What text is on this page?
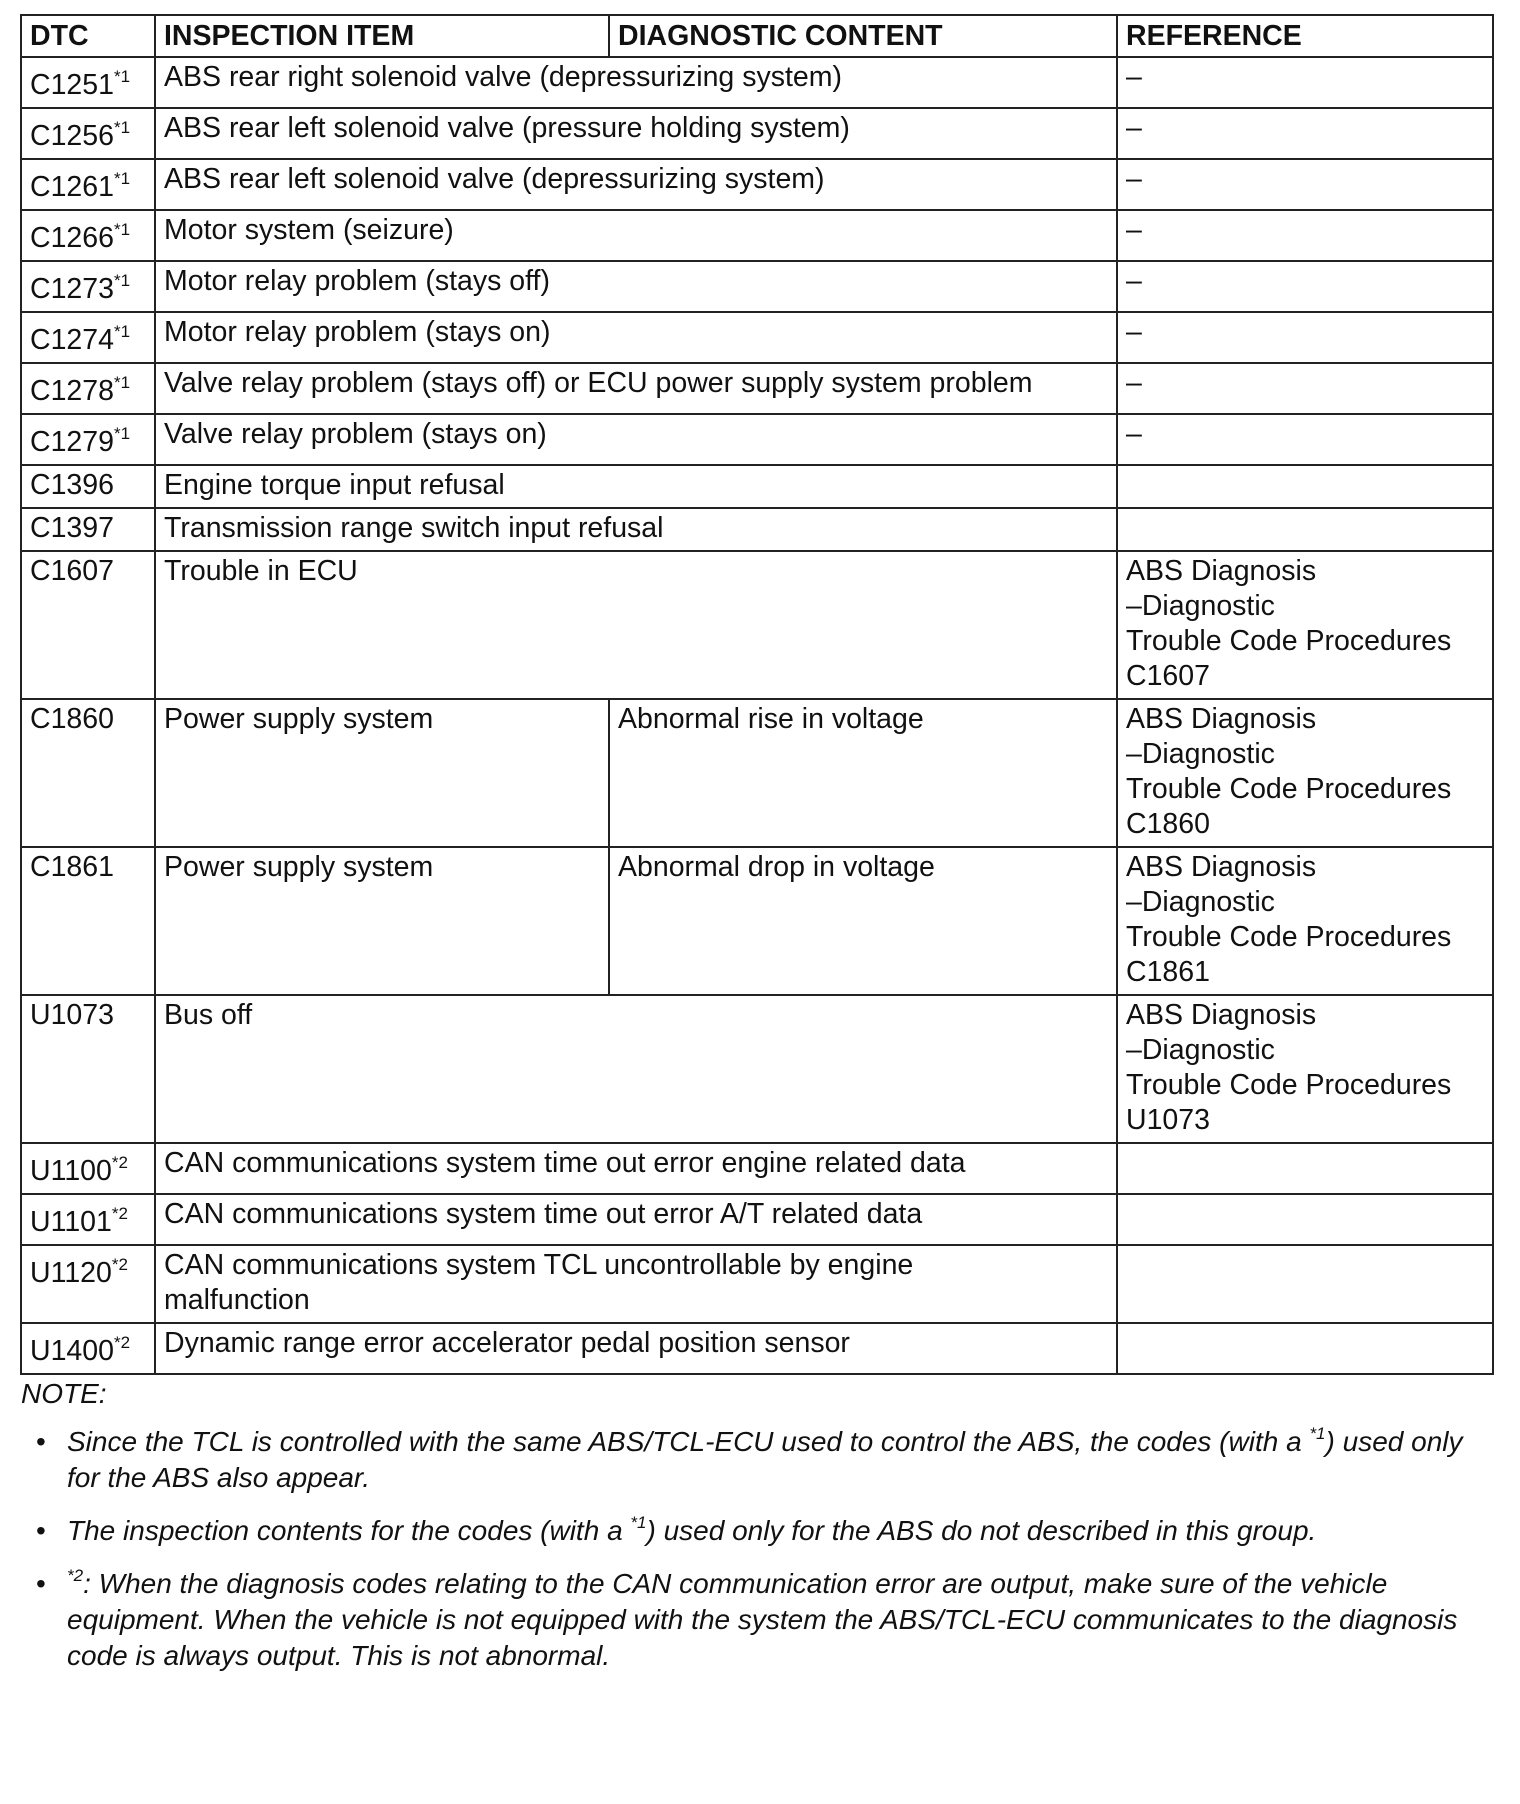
DTC	INSPECTION ITEM	DIAGNOSTIC CONTENT	REFERENCE
C1251$^{*1}$	ABS rear right solenoid valve (depressurizing system)		–
C1256$^{*1}$	ABS rear left solenoid valve (pressure holding system)		–
C1261$^{*1}$	ABS rear left solenoid valve (depressurizing system)		–
C1266$^{*1}$	Motor system (seizure)		–
C1273$^{*1}$	Motor relay problem (stays off)		–
C1274$^{*1}$	Motor relay problem (stays on)		–
C1278$^{*1}$	Valve relay problem (stays off) or ECU power supply system problem		–
C1279$^{*1}$	Valve relay problem (stays on)		–
C1396	Engine torque input refusal		
C1397	Transmission range switch input refusal		
C1607	Trouble in ECU		ABS Diagnosis
–Diagnostic
Trouble Code Procedures
C1607

C1860	Power supply system	Abnormal rise in voltage	ABS Diagnosis
–Diagnostic
Trouble Code Procedures
C1860

C1861	Power supply system	Abnormal drop in voltage	ABS Diagnosis
–Diagnostic
Trouble Code Procedures
C1861

U1073	Bus off		ABS Diagnosis
–Diagnostic
Trouble Code Procedures
U1073

U1100$^{*2}$	CAN communications system time out error engine related data		
U1101$^{*2}$	CAN communications system time out error A/T related data		
U1120$^{*2}$	CAN communications system TCL uncontrollable by engine malfunction		
U1400$^{*2}$	Dynamic range error accelerator pedal position sensor		
NOTE:
• Since the TCL is controlled with the same ABS/TCL-ECU used to control the ABS, the codes (with a $^{*1}$) used only for the ABS also appear.
• The inspection contents for the codes (with a $^{*1}$) used only for the ABS do not described in this group.
• $^{*2}$: When the diagnosis codes relating to the CAN communication error are output, make sure of the vehicle equipment. When the vehicle is not equipped with the system the ABS/TCL-ECU communicates to the diagnosis code is always output. This is not abnormal.
